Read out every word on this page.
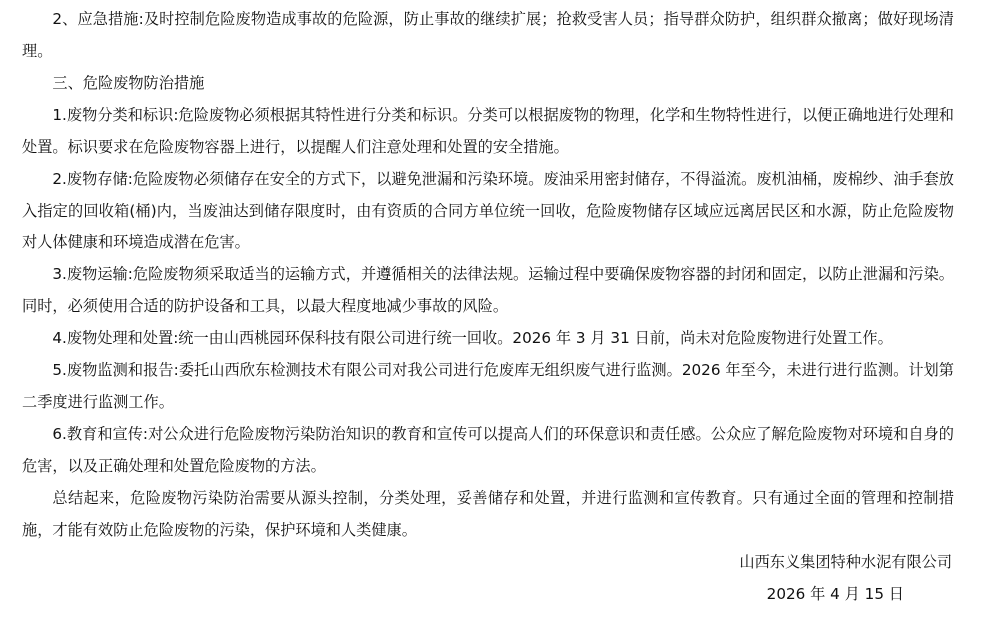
2、应急措施:及时控制危险废物造成事故的危险源，防止事故的继续扩展；抢救受害人员；指导群众防护，组织群众撤离；做好现场清理。

三、危险废物防治措施

1.废物分类和标识:危险废物必须根据其特性进行分类和标识。分类可以根据废物的物理，化学和生物特性进行，以便正确地进行处理和处置。标识要求在危险废物容器上进行，以提醒人们注意处理和处置的安全措施。

2.废物存储:危险废物必须储存在安全的方式下，以避免泄漏和污染环境。废油采用密封储存，不得溢流。废机油桶，废棉纱、油手套放入指定的回收箱(桶)内，当废油达到储存限度时，由有资质的合同方单位统一回收，危险废物储存区域应远离居民区和水源，防止危险废物对人体健康和环境造成潜在危害。

3.废物运输:危险废物须采取适当的运输方式，并遵循相关的法律法规。运输过程中要确保废物容器的封闭和固定，以防止泄漏和污染。同时，必须使用合适的防护设备和工具，以最大程度地减少事故的风险。

4.废物处理和处置:统一由山西桃园环保科技有限公司进行统一回收。2026 年 3 月 31 日前，尚未对危险废物进行处置工作。

5.废物监测和报告:委托山西欣东检测技术有限公司对我公司进行危废库无组织废气进行监测。2026 年至今，未进行进行监测。计划第二季度进行监测工作。

6.教育和宣传:对公众进行危险废物污染防治知识的教育和宣传可以提高人们的环保意识和责任感。公众应了解危险废物对环境和自身的危害，以及正确处理和处置危险废物的方法。

总结起来，危险废物污染防治需要从源头控制，分类处理，妥善储存和处置，并进行监测和宣传教育。只有通过全面的管理和控制措施，才能有效防止危险废物的污染，保护环境和人类健康。

山西东义集团特种水泥有限公司

2026 年 4 月 15 日
